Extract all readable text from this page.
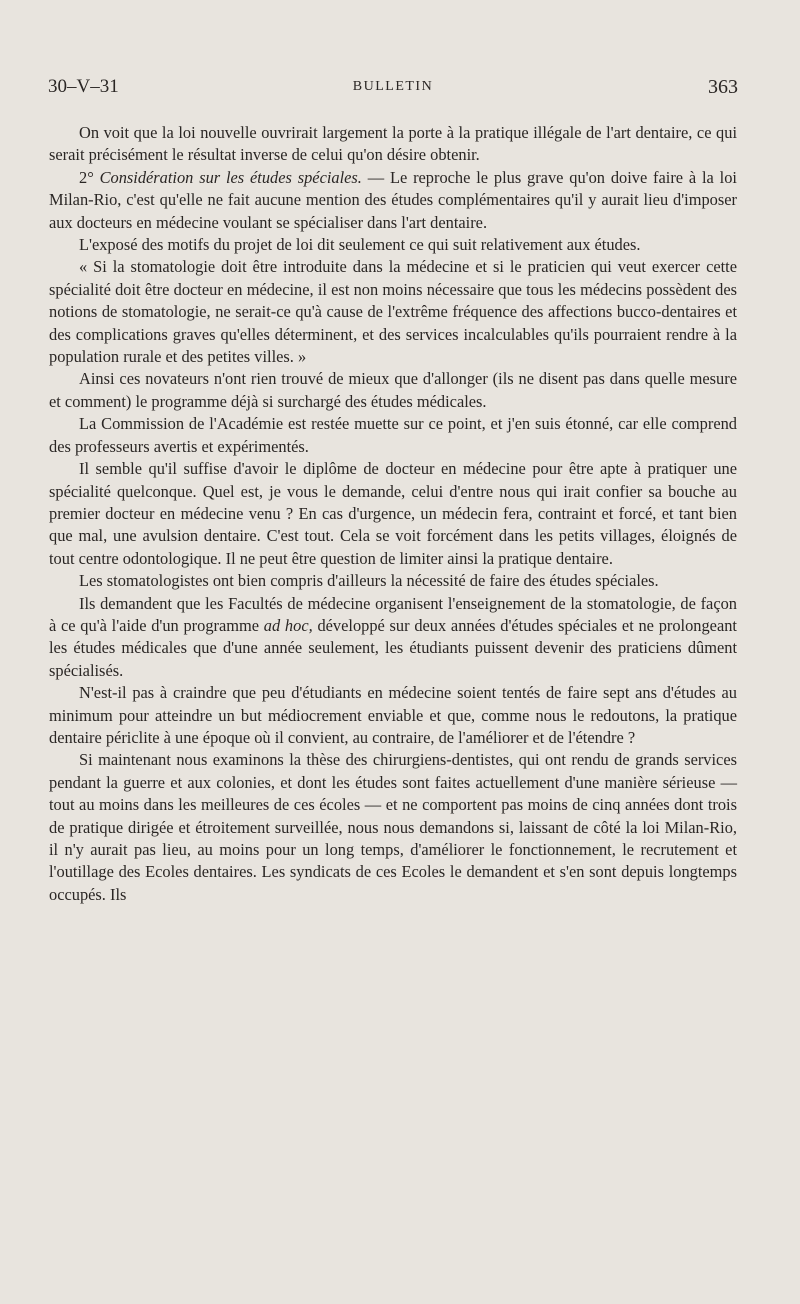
30–V–31	BULLETIN	363

On voit que la loi nouvelle ouvrirait largement la porte à la pratique illégale de l'art dentaire, ce qui serait précisément le résultat inverse de celui qu'on désire obtenir.

2° Considération sur les études spéciales. — Le reproche le plus grave qu'on doive faire à la loi Milan-Rio, c'est qu'elle ne fait aucune mention des études complémentaires qu'il y aurait lieu d'imposer aux docteurs en médecine voulant se spécialiser dans l'art dentaire.

L'exposé des motifs du projet de loi dit seulement ce qui suit relativement aux études.

« Si la stomatologie doit être introduite dans la médecine et si le praticien qui veut exercer cette spécialité doit être docteur en médecine, il est non moins nécessaire que tous les médecins possèdent des notions de stomatologie, ne serait-ce qu'à cause de l'extrême fréquence des affections bucco-dentaires et des complications graves qu'elles déterminent, et des services incalculables qu'ils pourraient rendre à la population rurale et des petites villes. »

Ainsi ces novateurs n'ont rien trouvé de mieux que d'allonger (ils ne disent pas dans quelle mesure et comment) le programme déjà si surchargé des études médicales.

La Commission de l'Académie est restée muette sur ce point, et j'en suis étonné, car elle comprend des professeurs avertis et expérimentés.

Il semble qu'il suffise d'avoir le diplôme de docteur en médecine pour être apte à pratiquer une spécialité quelconque. Quel est, je vous le demande, celui d'entre nous qui irait confier sa bouche au premier docteur en médecine venu ? En cas d'urgence, un médecin fera, contraint et forcé, et tant bien que mal, une avulsion dentaire. C'est tout. Cela se voit forcément dans les petits villages, éloignés de tout centre odontologique. Il ne peut être question de limiter ainsi la pratique dentaire.

Les stomatologistes ont bien compris d'ailleurs la nécessité de faire des études spéciales.

Ils demandent que les Facultés de médecine organisent l'enseignement de la stomatologie, de façon à ce qu'à l'aide d'un programme ad hoc, développé sur deux années d'études spéciales et ne prolongeant les études médicales que d'une année seulement, les étudiants puissent devenir des praticiens dûment spécialisés.

N'est-il pas à craindre que peu d'étudiants en médecine soient tentés de faire sept ans d'études au minimum pour atteindre un but médiocrement enviable et que, comme nous le redoutons, la pratique dentaire périclite à une époque où il convient, au contraire, de l'améliorer et de l'étendre ?

Si maintenant nous examinons la thèse des chirurgiens-dentistes, qui ont rendu de grands services pendant la guerre et aux colonies, et dont les études sont faites actuellement d'une manière sérieuse — tout au moins dans les meilleures de ces écoles — et ne comportent pas moins de cinq années dont trois de pratique dirigée et étroitement surveillée, nous nous demandons si, laissant de côté la loi Milan-Rio, il n'y aurait pas lieu, au moins pour un long temps, d'améliorer le fonctionnement, le recrutement et l'outillage des Ecoles dentaires. Les syndicats de ces Ecoles le demandent et s'en sont depuis longtemps occupés. Ils
